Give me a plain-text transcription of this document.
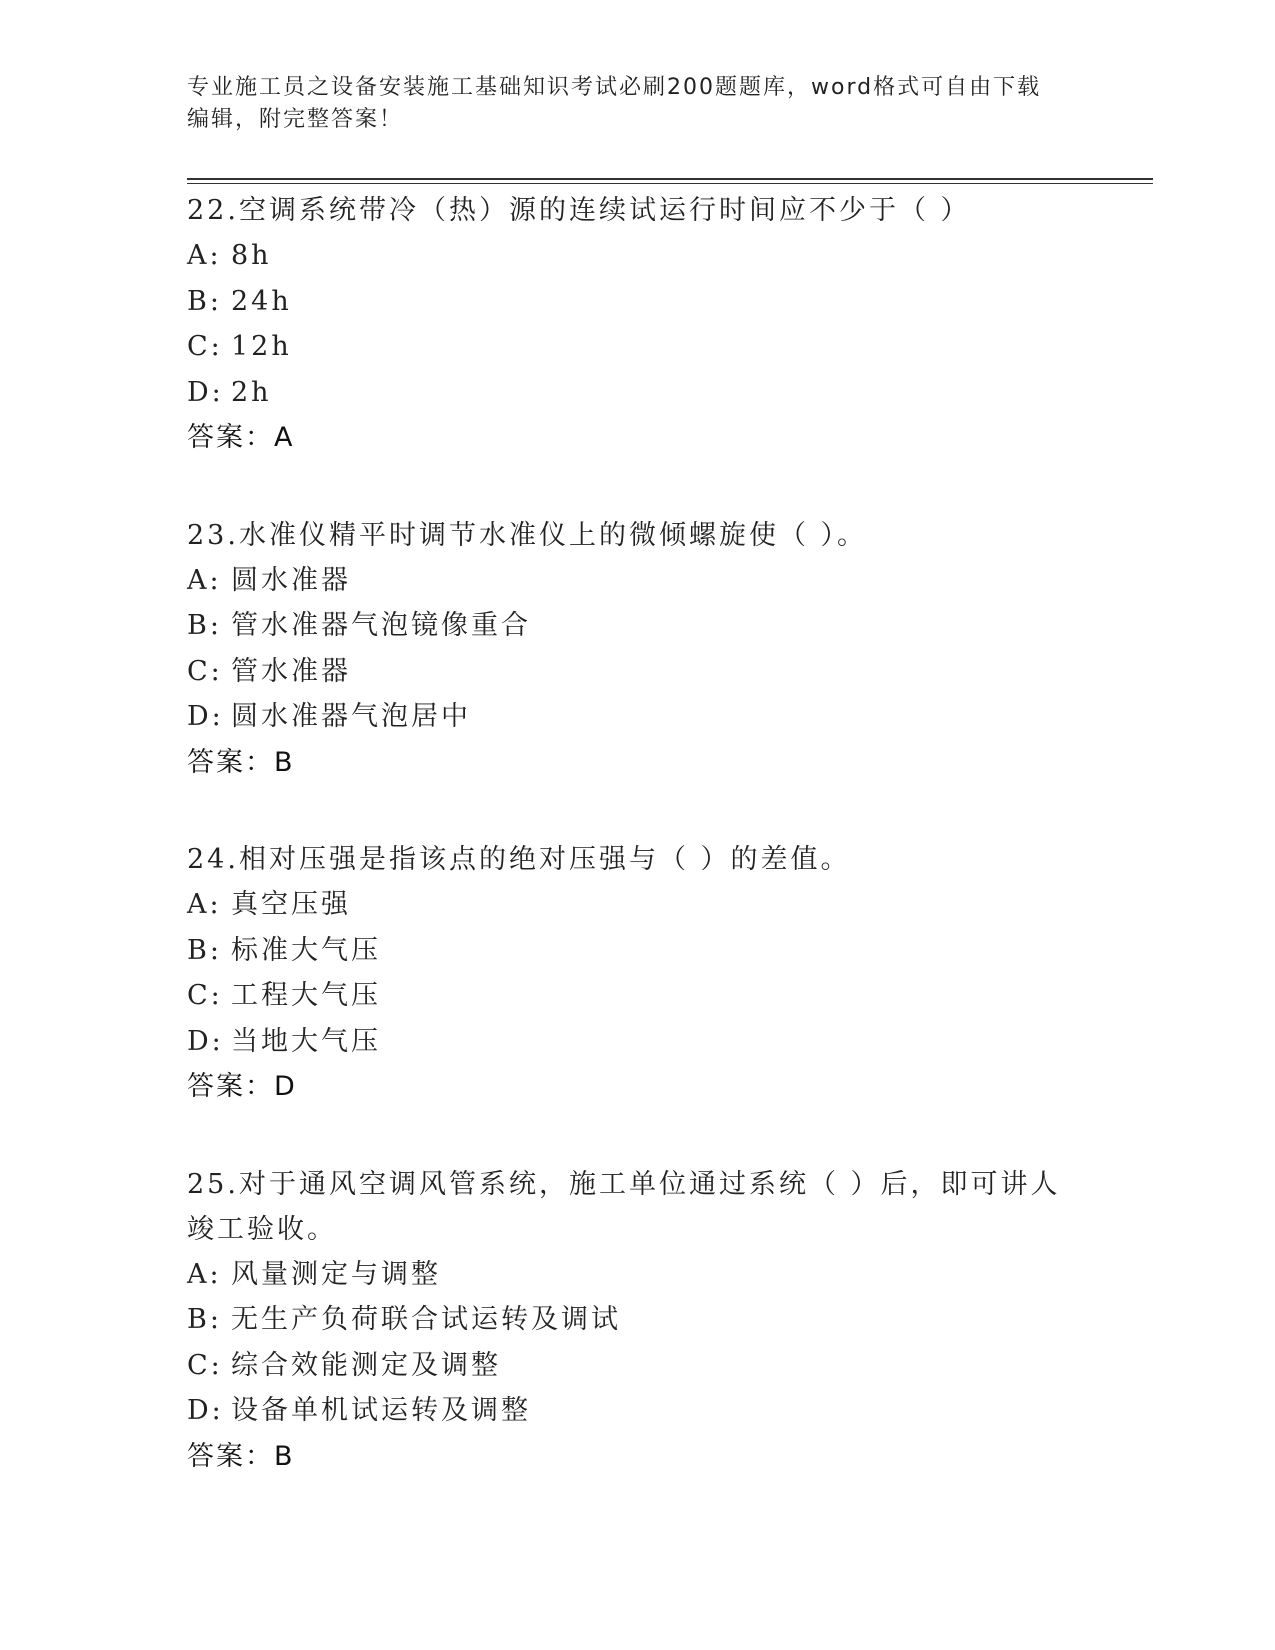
专业施工员之设备安装施工基础知识考试必刷200题题库，word格式可自由下载
编辑，附完整答案！

22.空调系统带冷（热）源的连续试运行时间应不少于（ ）

A: 8h
B: 24h
C: 12h
D: 2h
答案：A

23.水准仪精平时调节水准仪上的微倾螺旋使（ ）。

A: 圆水准器
B: 管水准器气泡镜像重合
C: 管水准器
D: 圆水准器气泡居中
答案：B

24.相对压强是指该点的绝对压强与（ ）的差值。

A: 真空压强
B: 标准大气压
C: 工程大气压
D: 当地大气压
答案：D

25.对于通风空调风管系统，施工单位通过系统（ ）后，即可讲人竣工验收。

A: 风量测定与调整
B: 无生产负荷联合试运转及调试
C: 综合效能测定及调整
D: 设备单机试运转及调整
答案：B
